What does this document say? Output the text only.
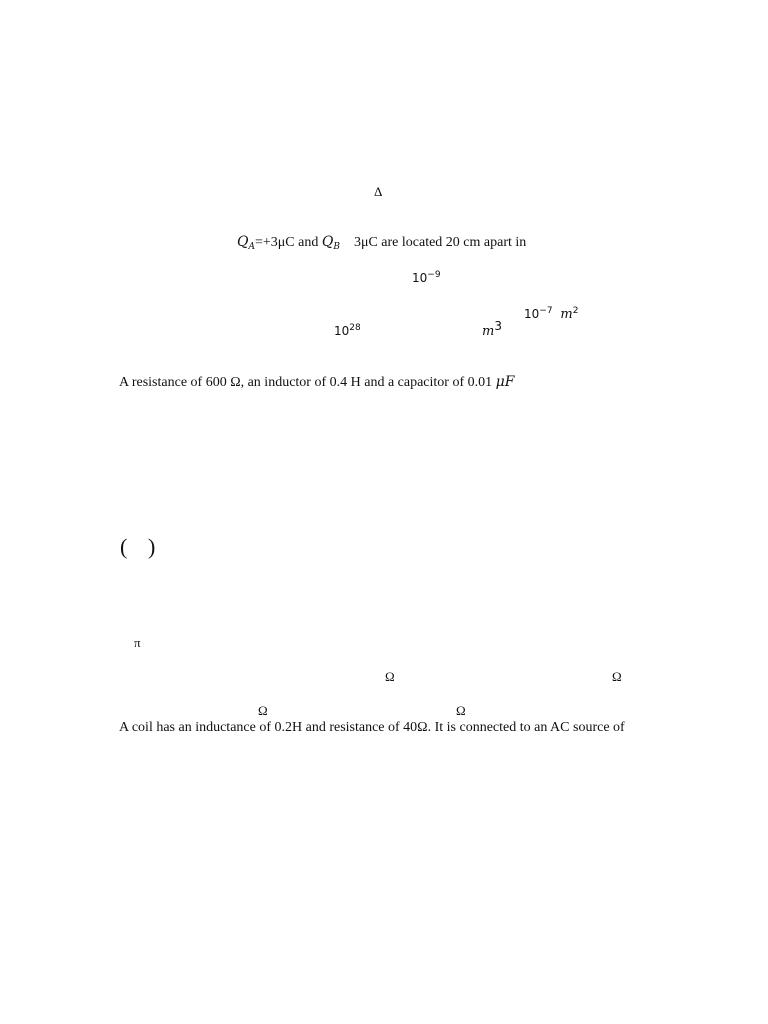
Δ
$Q_A=+3\mu C$ and $Q_B$ 3μC are located 20 cm apart in
$10^{-9}$
$10^{-7}$ $m^2$
$10^{28}$	$m^3$
A resistance of 600 Ω, an inductor of 0.4 H and a capacitor of 0.01 μF
( )
π
Ω	Ω
Ω	Ω
A coil has an inductance of 0.2H and resistance of 40Ω. It is connected to an AC source of
